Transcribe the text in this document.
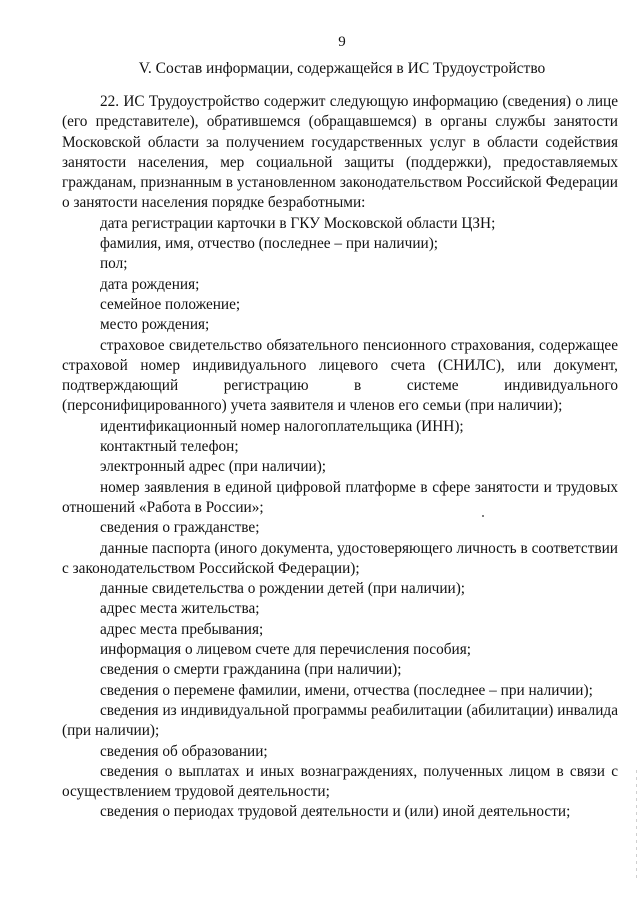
9
V. Состав информации, содержащейся в ИС Трудоустройство

22. ИС Трудоустройство содержит следующую информацию (сведения) о лице (его представителе), обратившемся (обращавшемся) в органы службы занятости Московской области за получением государственных услуг в области содействия занятости населения, мер социальной защиты (поддержки), предоставляемых гражданам, признанным в установленном законодательством Российской Федерации о занятости населения порядке безработными:

дата регистрации карточки в ГКУ Московской области ЦЗН;

фамилия, имя, отчество (последнее – при наличии);

пол;

дата рождения;

семейное положение;

место рождения;

страховое свидетельство обязательного пенсионного страхования, содержащее страховой номер индивидуального лицевого счета (СНИЛС), или документ, подтверждающий регистрацию в системе индивидуального (персонифицированного) учета заявителя и членов его семьи (при наличии);

идентификационный номер налогоплательщика (ИНН);

контактный телефон;

электронный адрес (при наличии);

номер заявления в единой цифровой платформе в сфере занятости и трудовых отношений «Работа в России»;

сведения о гражданстве;

данные паспорта (иного документа, удостоверяющего личность в соответствии с законодательством Российской Федерации);

данные свидетельства о рождении детей (при наличии);

адрес места жительства;

адрес места пребывания;

информация о лицевом счете для перечисления пособия;

сведения о смерти гражданина (при наличии);

сведения о перемене фамилии, имени, отчества (последнее – при наличии);

сведения из индивидуальной программы реабилитации (абилитации) инвалида (при наличии);

сведения об образовании;

сведения о выплатах и иных вознаграждениях, полученных лицом в связи с осуществлением трудовой деятельности;

сведения о периодах трудовой деятельности и (или) иной деятельности;
